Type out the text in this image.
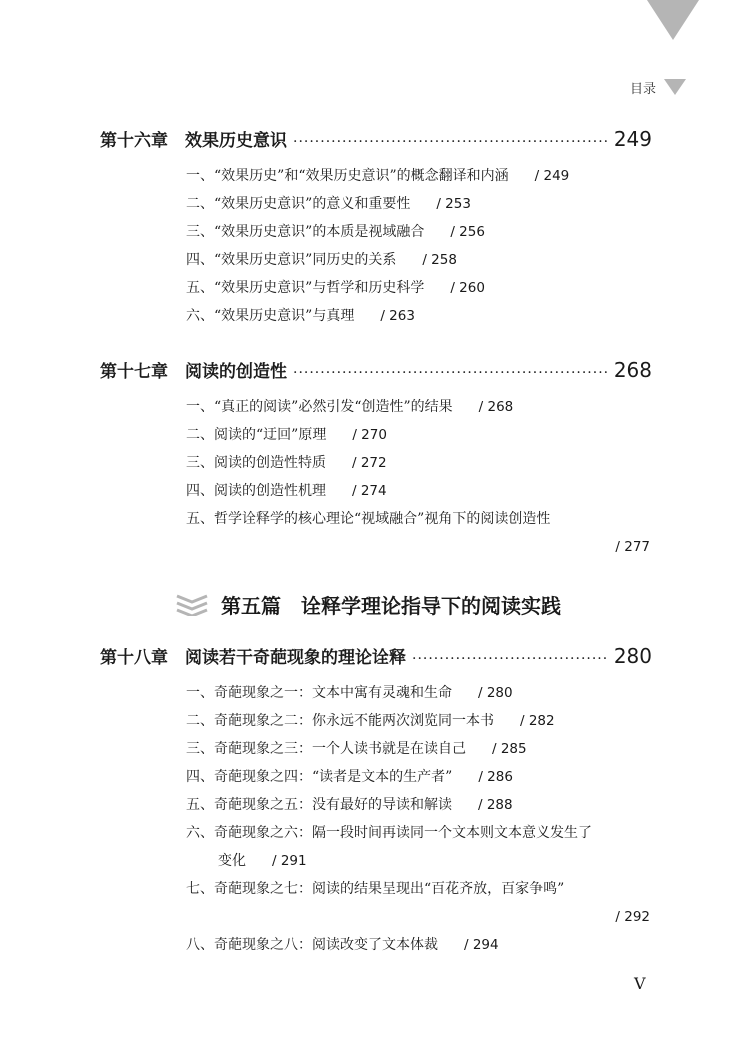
目录
第十六章	效果历史意识 ·····	249
一、“效果历史”和“效果历史意识”的概念翻译和内涵 / 249
二、“效果历史意识”的意义和重要性 / 253
三、“效果历史意识”的本质是视域融合 / 256
四、“效果历史意识”同历史的关系 / 258
五、“效果历史意识”与哲学和历史科学 / 260
六、“效果历史意识”与真理 / 263
第十七章	阅读的创造性 ·····	268
一、“真正的阅读”必然引发“创造性”的结果 / 268
二、阅读的“迂回”原理 / 270
三、阅读的创造性特质 / 272
四、阅读的创造性机理 / 274
五、哲学诠释学的核心理论“视域融合”视角下的阅读创造性
/ 277
第五篇　诠释学理论指导下的阅读实践
第十八章	阅读若干奇葩现象的理论诠释 ·····	280
一、奇葩现象之一：文本中寓有灵魂和生命 / 280
二、奇葩现象之二：你永远不能两次浏览同一本书 / 282
三、奇葩现象之三：一个人读书就是在读自己 / 285
四、奇葩现象之四：“读者是文本的生产者” / 286
五、奇葩现象之五：没有最好的导读和解读 / 288
六、奇葩现象之六：隔一段时间再读同一个文本则文本意义发生了
变化 / 291
七、奇葩现象之七：阅读的结果呈现出“百花齐放，百家争鸣”
/ 292
八、奇葩现象之八：阅读改变了文本体裁 / 294
V
